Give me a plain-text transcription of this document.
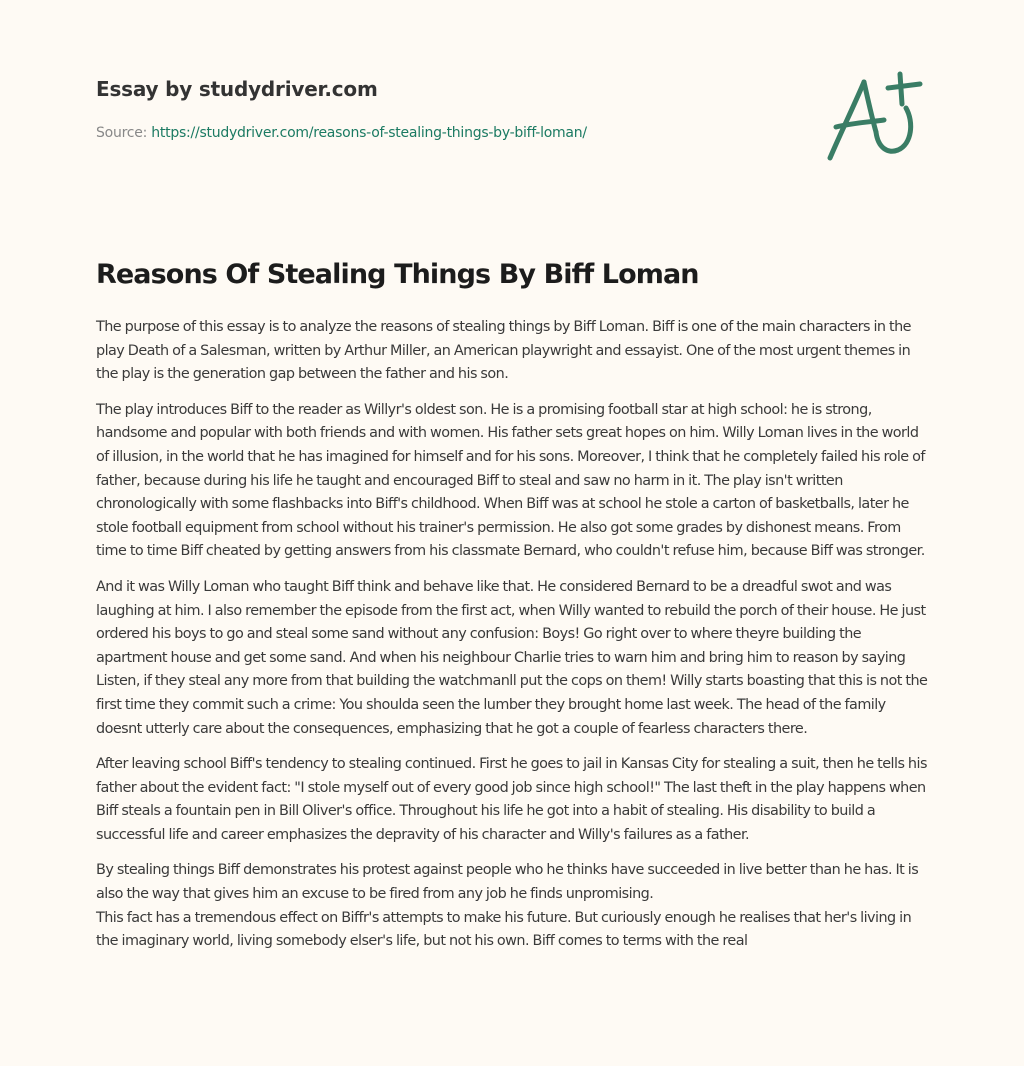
Essay by studydriver.com
Source: https://studydriver.com/reasons-of-stealing-things-by-biff-loman/
Reasons Of Stealing Things By Biff Loman

The purpose of this essay is to analyze the reasons of stealing things by Biff Loman. Biff is one of the main characters in the play Death of a Salesman, written by Arthur Miller, an American playwright and essayist. One of the most urgent themes in the play is the generation gap between the father and his son.

The play introduces Biff to the reader as Willyr's oldest son. He is a promising football star at high school: he is strong, handsome and popular with both friends and with women. His father sets great hopes on him. Willy Loman lives in the world of illusion, in the world that he has imagined for himself and for his sons. Moreover, I think that he completely failed his role of father, because during his life he taught and encouraged Biff to steal and saw no harm in it. The play isn't written chronologically with some flashbacks into Biff's childhood. When Biff was at school he stole a carton of basketballs, later he stole football equipment from school without his trainer's permission. He also got some grades by dishonest means. From time to time Biff cheated by getting answers from his classmate Bernard, who couldn't refuse him, because Biff was stronger.

And it was Willy Loman who taught Biff think and behave like that. He considered Bernard to be a dreadful swot and was laughing at him. I also remember the episode from the first act, when Willy wanted to rebuild the porch of their house. He just ordered his boys to go and steal some sand without any confusion: Boys! Go right over to where theyre building the apartment house and get some sand. And when his neighbour Charlie tries to warn him and bring him to reason by saying Listen, if they steal any more from that building the watchmanll put the cops on them! Willy starts boasting that this is not the first time they commit such a crime: You shoulda seen the lumber they brought home last week. The head of the family doesnt utterly care about the consequences, emphasizing that he got a couple of fearless characters there.

After leaving school Biff's tendency to stealing continued. First he goes to jail in Kansas City for stealing a suit, then he tells his father about the evident fact: "I stole myself out of every good job since high school!" The last theft in the play happens when Biff steals a fountain pen in Bill Oliver's office. Throughout his life he got into a habit of stealing. His disability to build a successful life and career emphasizes the depravity of his character and Willy's failures as a father.

By stealing things Biff demonstrates his protest against people who he thinks have succeeded in live better than he has. It is also the way that gives him an excuse to be fired from any job he finds unpromising.

This fact has a tremendous effect on Biffr's attempts to make his future. But curiously enough he realises that her's living in the imaginary world, living somebody elser's life, but not his own. Biff comes to terms with the real
